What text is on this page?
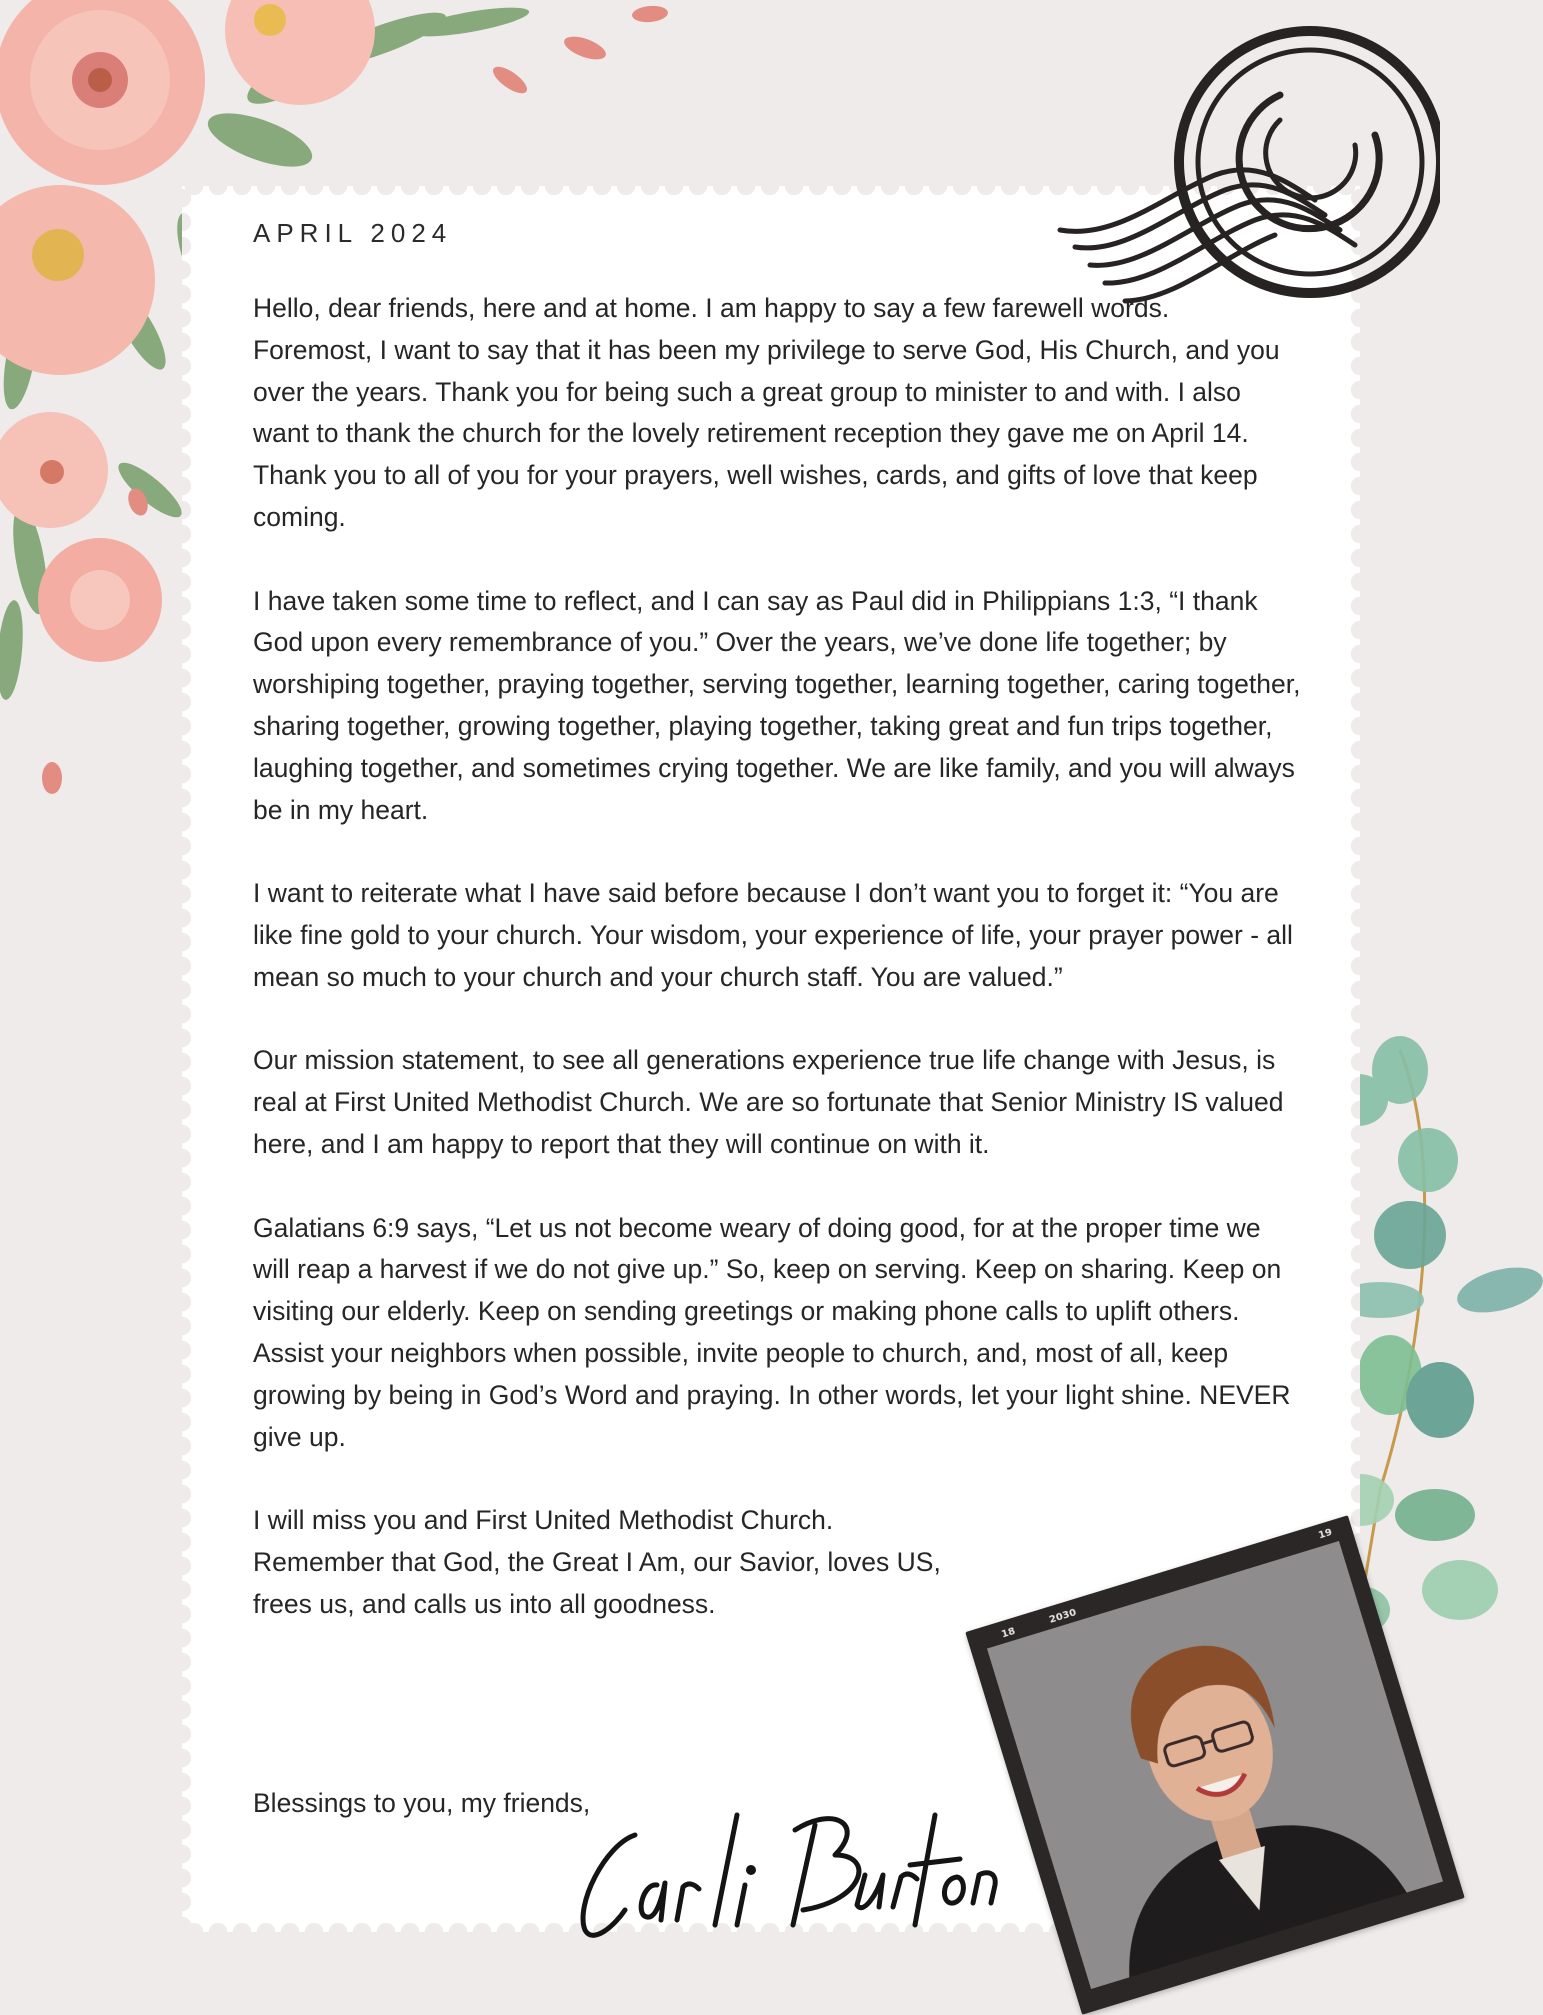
APRIL 2024

Hello, dear friends, here and at home. I am happy to say a few farewell words. Foremost, I want to say that it has been my privilege to serve God, His Church, and you over the years. Thank you for being such a great group to minister to and with. I also want to thank the church for the lovely retirement reception they gave me on April 14. Thank you to all of you for your prayers, well wishes, cards, and gifts of love that keep coming.

I have taken some time to reflect, and I can say as Paul did in Philippians 1:3, “I thank God upon every remembrance of you.” Over the years, we’ve done life together; by worshiping together, praying together, serving together, learning together, caring together, sharing together, growing together, playing together, taking great and fun trips together, laughing together, and sometimes crying together. We are like family, and you will always be in my heart.

I want to reiterate what I have said before because I don’t want you to forget it: “You are like fine gold to your church. Your wisdom, your experience of life, your prayer power - all mean so much to your church and your church staff. You are valued.”

Our mission statement, to see all generations experience true life change with Jesus, is real at First United Methodist Church. We are so fortunate that Senior Ministry IS valued here, and I am happy to report that they will continue on with it.

Galatians 6:9 says, “Let us not become weary of doing good, for at the proper time we will reap a harvest if we do not give up.” So, keep on serving. Keep on sharing. Keep on visiting our elderly. Keep on sending greetings or making phone calls to uplift others. Assist your neighbors when possible, invite people to church, and, most of all, keep growing by being in God’s Word and praying. In other words, let your light shine. NEVER give up.

I will miss you and First United Methodist Church. Remember that God, the Great I Am, our Savior, loves US, frees us, and calls us into all goodness.

Blessings to you, my friends,
18
2030
19
